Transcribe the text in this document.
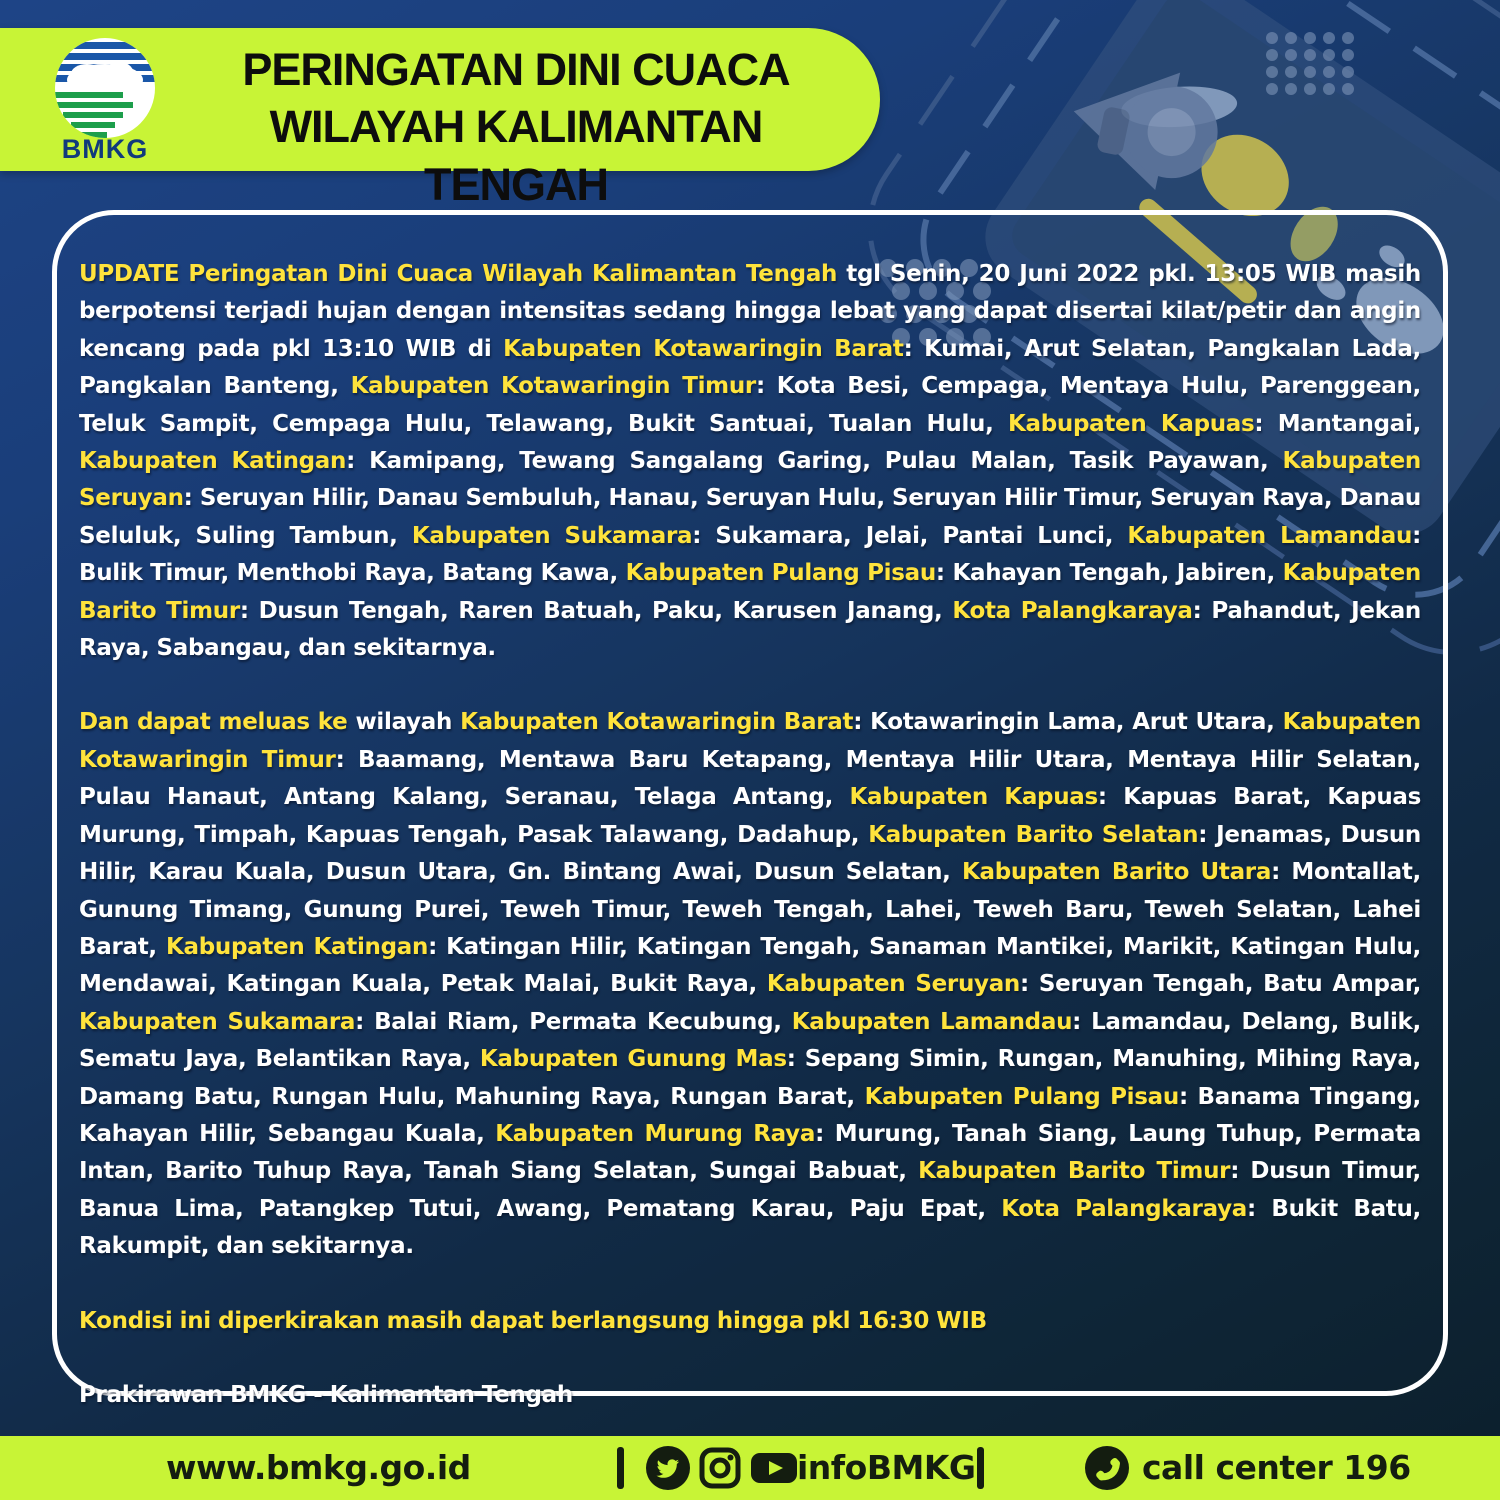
BMKG
PERINGATAN DINI CUACA
WILAYAH KALIMANTAN TENGAH

UPDATE Peringatan Dini Cuaca Wilayah Kalimantan Tengah tgl Senin, 20 Juni 2022 pkl. 13:05 WIB masih berpotensi terjadi hujan dengan intensitas sedang hingga lebat yang dapat disertai kilat/petir dan angin kencang pada pkl 13:10 WIB di Kabupaten Kotawaringin Barat: Kumai, Arut Selatan, Pangkalan Lada, Pangkalan Banteng, Kabupaten Kotawaringin Timur: Kota Besi, Cempaga, Mentaya Hulu, Parenggean, Teluk Sampit, Cempaga Hulu, Telawang, Bukit Santuai, Tualan Hulu, Kabupaten Kapuas: Mantangai, Kabupaten Katingan: Kamipang, Tewang Sangalang Garing, Pulau Malan, Tasik Payawan, Kabupaten Seruyan: Seruyan Hilir, Danau Sembuluh, Hanau, Seruyan Hulu, Seruyan Hilir Timur, Seruyan Raya, Danau Seluluk, Suling Tambun, Kabupaten Sukamara: Sukamara, Jelai, Pantai Lunci, Kabupaten Lamandau: Bulik Timur, Menthobi Raya, Batang Kawa, Kabupaten Pulang Pisau: Kahayan Tengah, Jabiren, Kabupaten Barito Timur: Dusun Tengah, Raren Batuah, Paku, Karusen Janang, Kota Palangkaraya: Pahandut, Jekan Raya, Sabangau, dan sekitarnya.

Dan dapat meluas ke wilayah Kabupaten Kotawaringin Barat: Kotawaringin Lama, Arut Utara, Kabupaten Kotawaringin Timur: Baamang, Mentawa Baru Ketapang, Mentaya Hilir Utara, Mentaya Hilir Selatan, Pulau Hanaut, Antang Kalang, Seranau, Telaga Antang, Kabupaten Kapuas: Kapuas Barat, Kapuas Murung, Timpah, Kapuas Tengah, Pasak Talawang, Dadahup, Kabupaten Barito Selatan: Jenamas, Dusun Hilir, Karau Kuala, Dusun Utara, Gn. Bintang Awai, Dusun Selatan, Kabupaten Barito Utara: Montallat, Gunung Timang, Gunung Purei, Teweh Timur, Teweh Tengah, Lahei, Teweh Baru, Teweh Selatan, Lahei Barat, Kabupaten Katingan: Katingan Hilir, Katingan Tengah, Sanaman Mantikei, Marikit, Katingan Hulu, Mendawai, Katingan Kuala, Petak Malai, Bukit Raya, Kabupaten Seruyan: Seruyan Tengah, Batu Ampar, Kabupaten Sukamara: Balai Riam, Permata Kecubung, Kabupaten Lamandau: Lamandau, Delang, Bulik, Sematu Jaya, Belantikan Raya, Kabupaten Gunung Mas: Sepang Simin, Rungan, Manuhing, Mihing Raya, Damang Batu, Rungan Hulu, Mahuning Raya, Rungan Barat, Kabupaten Pulang Pisau: Banama Tingang, Kahayan Hilir, Sebangau Kuala, Kabupaten Murung Raya: Murung, Tanah Siang, Laung Tuhup, Permata Intan, Barito Tuhup Raya, Tanah Siang Selatan, Sungai Babuat, Kabupaten Barito Timur: Dusun Timur, Banua Lima, Patangkep Tutui, Awang, Pematang Karau, Paju Epat, Kota Palangkaraya: Bukit Batu, Rakumpit, dan sekitarnya.

Kondisi ini diperkirakan masih dapat berlangsung hingga pkl 16:30 WIB

Prakirawan BMKG - Kalimantan Tengah

www.bmkg.go.id	infoBMKG	call center 196
